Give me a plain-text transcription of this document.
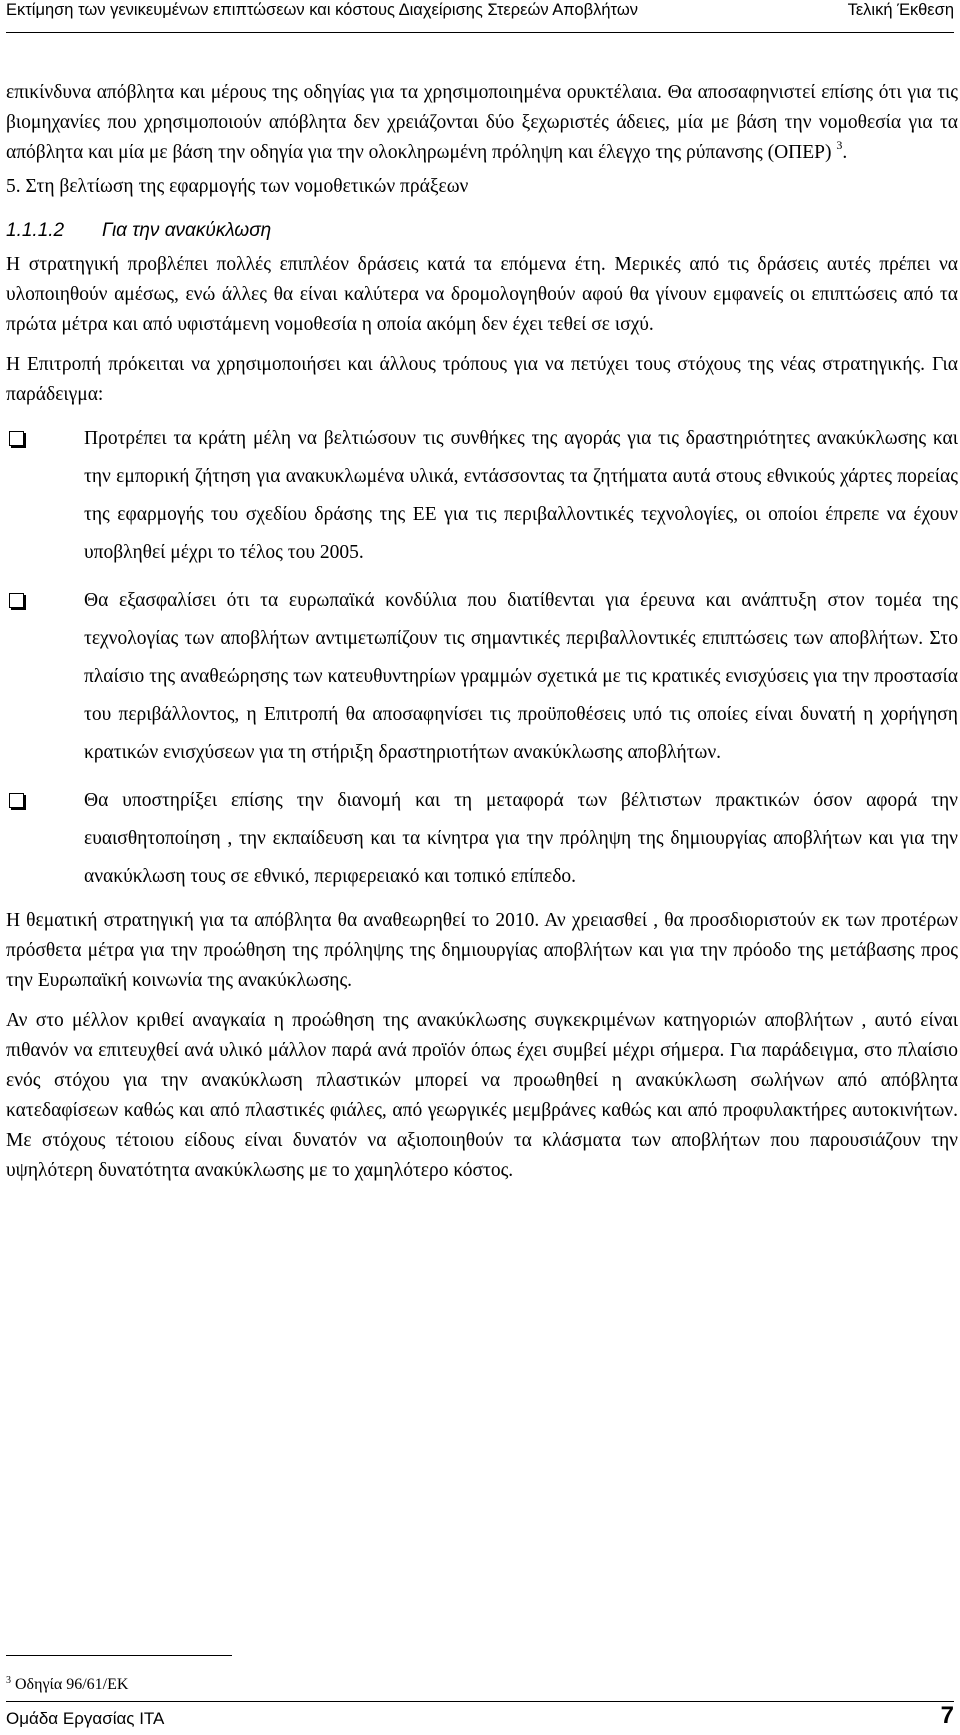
Εκτίμηση των γενικευμένων επιπτώσεων και κόστους Διαχείρισης Στερεών Αποβλήτων	Τελική Έκθεση

επικίνδυνα απόβλητα και μέρους της οδηγίας για τα χρησιμοποιημένα ορυκτέλαια. Θα αποσαφηνιστεί επίσης ότι για τις βιομηχανίες που χρησιμοποιούν απόβλητα δεν χρειάζονται δύο ξεχωριστές άδειες, μία με βάση την νομοθεσία για τα απόβλητα και μία με βάση την οδηγία για την ολοκληρωμένη πρόληψη και έλεγχο της ρύπανσης (ΟΠΕΡ) $^3$.

5. Στη βελτίωση της εφαρμογής των νομοθετικών πράξεων

1.1.1.2	Για την ανακύκλωση

Η στρατηγική προβλέπει πολλές επιπλέον δράσεις κατά τα επόμενα έτη. Μερικές από τις δράσεις αυτές πρέπει να υλοποιηθούν αμέσως, ενώ άλλες θα είναι καλύτερα να δρομολογηθούν αφού θα γίνουν εμφανείς οι επιπτώσεις από τα πρώτα μέτρα και από υφιστάμενη νομοθεσία η οποία ακόμη δεν έχει τεθεί σε ισχύ.

Η Επιτροπή πρόκειται να χρησιμοποιήσει και άλλους τρόπους για να πετύχει τους στόχους της νέας στρατηγικής. Για παράδειγμα:

Προτρέπει τα κράτη μέλη να βελτιώσουν τις συνθήκες της αγοράς για τις δραστηριότητες ανακύκλωσης και την εμπορική ζήτηση για ανακυκλωμένα υλικά, εντάσσοντας τα ζητήματα αυτά στους εθνικούς χάρτες πορείας της εφαρμογής του σχεδίου δράσης της ΕΕ για τις περιβαλλοντικές τεχνολογίες, οι οποίοι έπρεπε να έχουν υποβληθεί μέχρι το τέλος του 2005.

Θα εξασφαλίσει ότι τα ευρωπαϊκά κονδύλια που διατίθενται για έρευνα και ανάπτυξη στον τομέα της τεχνολογίας των αποβλήτων αντιμετωπίζουν τις σημαντικές περιβαλλοντικές επιπτώσεις των αποβλήτων. Στο πλαίσιο της αναθεώρησης των κατευθυντηρίων γραμμών σχετικά με τις κρατικές ενισχύσεις για την προστασία του περιβάλλοντος, η Επιτροπή θα αποσαφηνίσει τις προϋποθέσεις υπό τις οποίες είναι δυνατή η χορήγηση κρατικών ενισχύσεων για τη στήριξη δραστηριοτήτων ανακύκλωσης αποβλήτων.

Θα υποστηρίξει επίσης την διανομή και τη μεταφορά των βέλτιστων πρακτικών όσον αφορά την ευαισθητοποίηση , την εκπαίδευση και τα κίνητρα για την πρόληψη της δημιουργίας αποβλήτων και για την ανακύκλωση τους σε εθνικό, περιφερειακό και τοπικό επίπεδο.

Η θεματική στρατηγική για τα απόβλητα θα αναθεωρηθεί το 2010. Αν χρειασθεί , θα προσδιοριστούν εκ των προτέρων πρόσθετα μέτρα για την προώθηση της πρόληψης της δημιουργίας αποβλήτων και για την πρόοδο της μετάβασης προς την Ευρωπαϊκή κοινωνία της ανακύκλωσης.

Αν στο μέλλον κριθεί αναγκαία η προώθηση της ανακύκλωσης συγκεκριμένων κατηγοριών αποβλήτων , αυτό είναι πιθανόν να επιτευχθεί ανά υλικό μάλλον παρά ανά προϊόν όπως έχει συμβεί μέχρι σήμερα. Για παράδειγμα, στο πλαίσιο ενός στόχου για την ανακύκλωση πλαστικών μπορεί να προωθηθεί η ανακύκλωση σωλήνων από απόβλητα κατεδαφίσεων καθώς και από πλαστικές φιάλες, από γεωργικές μεμβράνες καθώς και από προφυλακτήρες αυτοκινήτων. Με στόχους τέτοιου είδους είναι δυνατόν να αξιοποιηθούν τα κλάσματα των αποβλήτων που παρουσιάζουν την υψηλότερη δυνατότητα ανακύκλωσης με το χαμηλότερο κόστος.

$^3$ Οδηγία 96/61/ΕΚ
Ομάδα Εργασίας ΙΤΑ	7
